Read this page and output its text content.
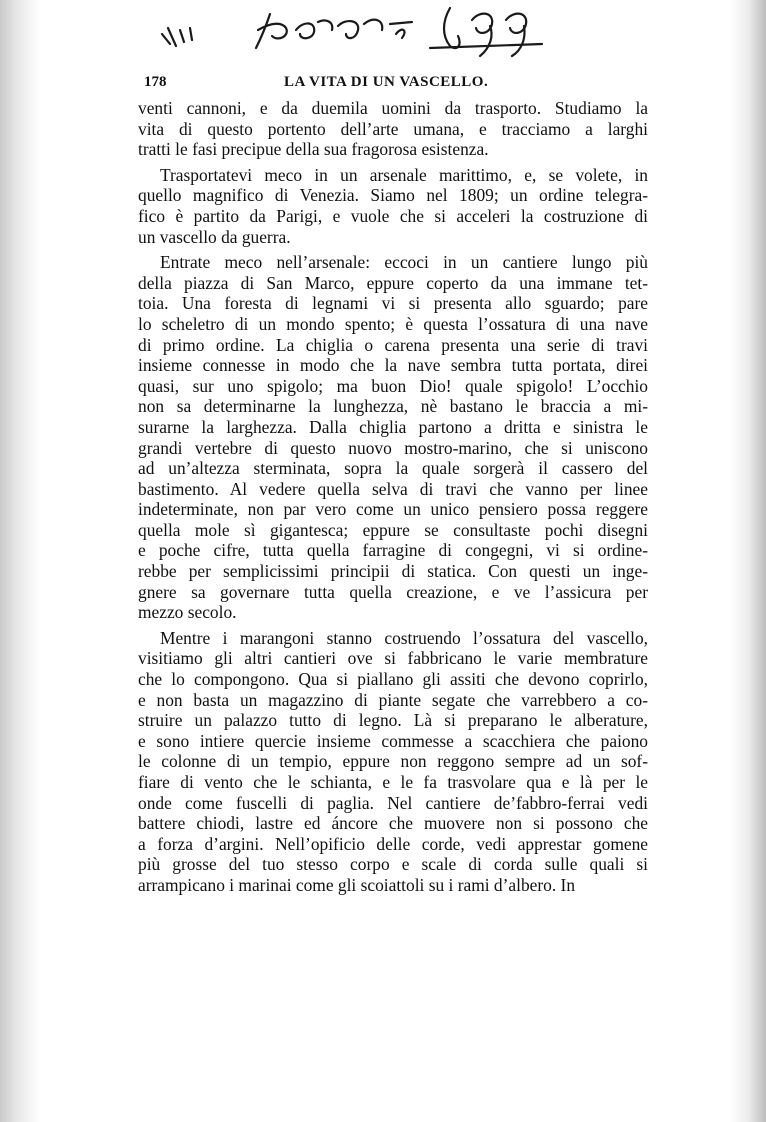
178	LA VITA DI UN VASCELLO.
venti cannoni, e da duemila uomini da trasporto. Studiamo la
vita di questo portento dell’arte umana, e tracciamo a larghi
tratti le fasi precipue della sua fragorosa esistenza.
Trasportatevi meco in un arsenale marittimo, e, se volete, in
quello magnifico di Venezia. Siamo nel 1809; un ordine telegra-
fico è partito da Parigi, e vuole che si acceleri la costruzione di
un vascello da guerra.
Entrate meco nell’arsenale: eccoci in un cantiere lungo più
della piazza di San Marco, eppure coperto da una immane tet-
toia. Una foresta di legnami vi si presenta allo sguardo; pare
lo scheletro di un mondo spento; è questa l’ossatura di una nave
di primo ordine. La chiglia o carena presenta una serie di travi
insieme connesse in modo che la nave sembra tutta portata, direi
quasi, sur uno spigolo; ma buon Dio! quale spigolo! L’occhio
non sa determinarne la lunghezza, nè bastano le braccia a mi-
surarne la larghezza. Dalla chiglia partono a dritta e sinistra le
grandi vertebre di questo nuovo mostro-marino, che si uniscono
ad un’altezza sterminata, sopra la quale sorgerà il cassero del
bastimento. Al vedere quella selva di travi che vanno per linee
indeterminate, non par vero come un unico pensiero possa reggere
quella mole sì gigantesca; eppure se consultaste pochi disegni
e poche cifre, tutta quella farragine di congegni, vi si ordine-
rebbe per semplicissimi principii di statica. Con questi un inge-
gnere sa governare tutta quella creazione, e ve l’assicura per
mezzo secolo.
Mentre i marangoni stanno costruendo l’ossatura del vascello,
visitiamo gli altri cantieri ove si fabbricano le varie membrature
che lo compongono. Qua si piallano gli assiti che devono coprirlo,
e non basta un magazzino di piante segate che varrebbero a co-
struire un palazzo tutto di legno. Là si preparano le alberature,
e sono intiere quercie insieme commesse a scacchiera che paiono
le colonne di un tempio, eppure non reggono sempre ad un sof-
fiare di vento che le schianta, e le fa trasvolare qua e là per le
onde come fuscelli di paglia. Nel cantiere de’fabbro-ferrai vedi
battere chiodi, lastre ed áncore che muovere non si possono che
a forza d’argini. Nell’opificio delle corde, vedi apprestar gomene
più grosse del tuo stesso corpo e scale di corda sulle quali si
arrampicano i marinai come gli scoiattoli su i rami d’albero. In
